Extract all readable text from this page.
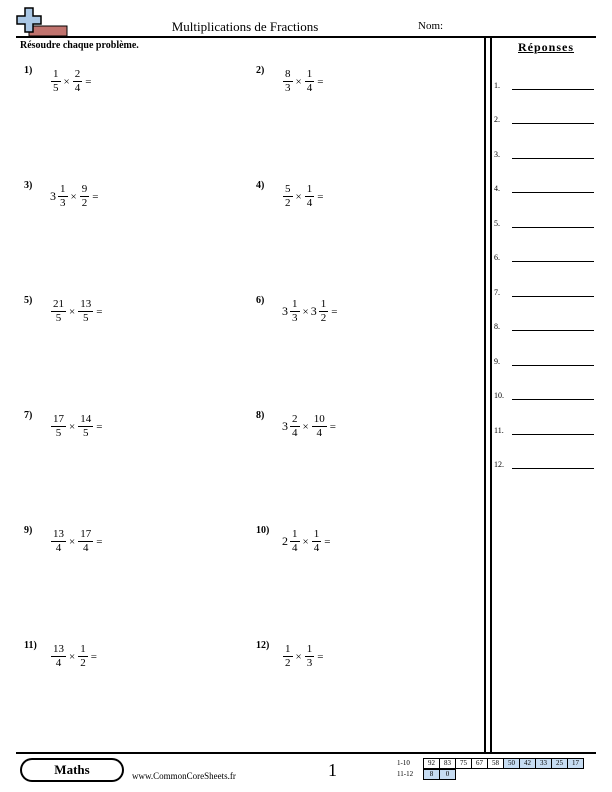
Multiplications de Fractions	Nom:
Résoudre chaque problème.
1)	$\frac{1}{5} \times \frac{2}{4}$ =
2)	$\frac{8}{3} \times \frac{1}{4}$ =
3)
$3 \frac{1}{3} \times \frac{9}{2}$ =
4)	$\frac{5}{2} \times \frac{1}{4}$ =
5)	$\frac{21}{5} \times \frac{13}{5}$ =
6)
$3 \frac{1}{3} \times 3 \frac{1}{2}$ =
7)	$\frac{17}{5} \times \frac{14}{5}$ =
8)
$3 \frac{2}{4} \times \frac{10}{4}$ =
9)	$\frac{13}{4} \times \frac{17}{4}$ =
10)
$2 \frac{1}{4} \times \frac{1}{4}$ =
$11) \frac{13}{4} \times \frac{1}{2}$ =
$12) \frac{1}{2} \times \frac{1}{3}$ =
Réponses
1.
2.
3.
4.
5.
6.
7.
8.
9.
10.
11.
12.
Maths	www.CommonCoreSheets.fr	1	1-10	92	83	75	67	58	50	42	33	25	17
11-12	8	0
